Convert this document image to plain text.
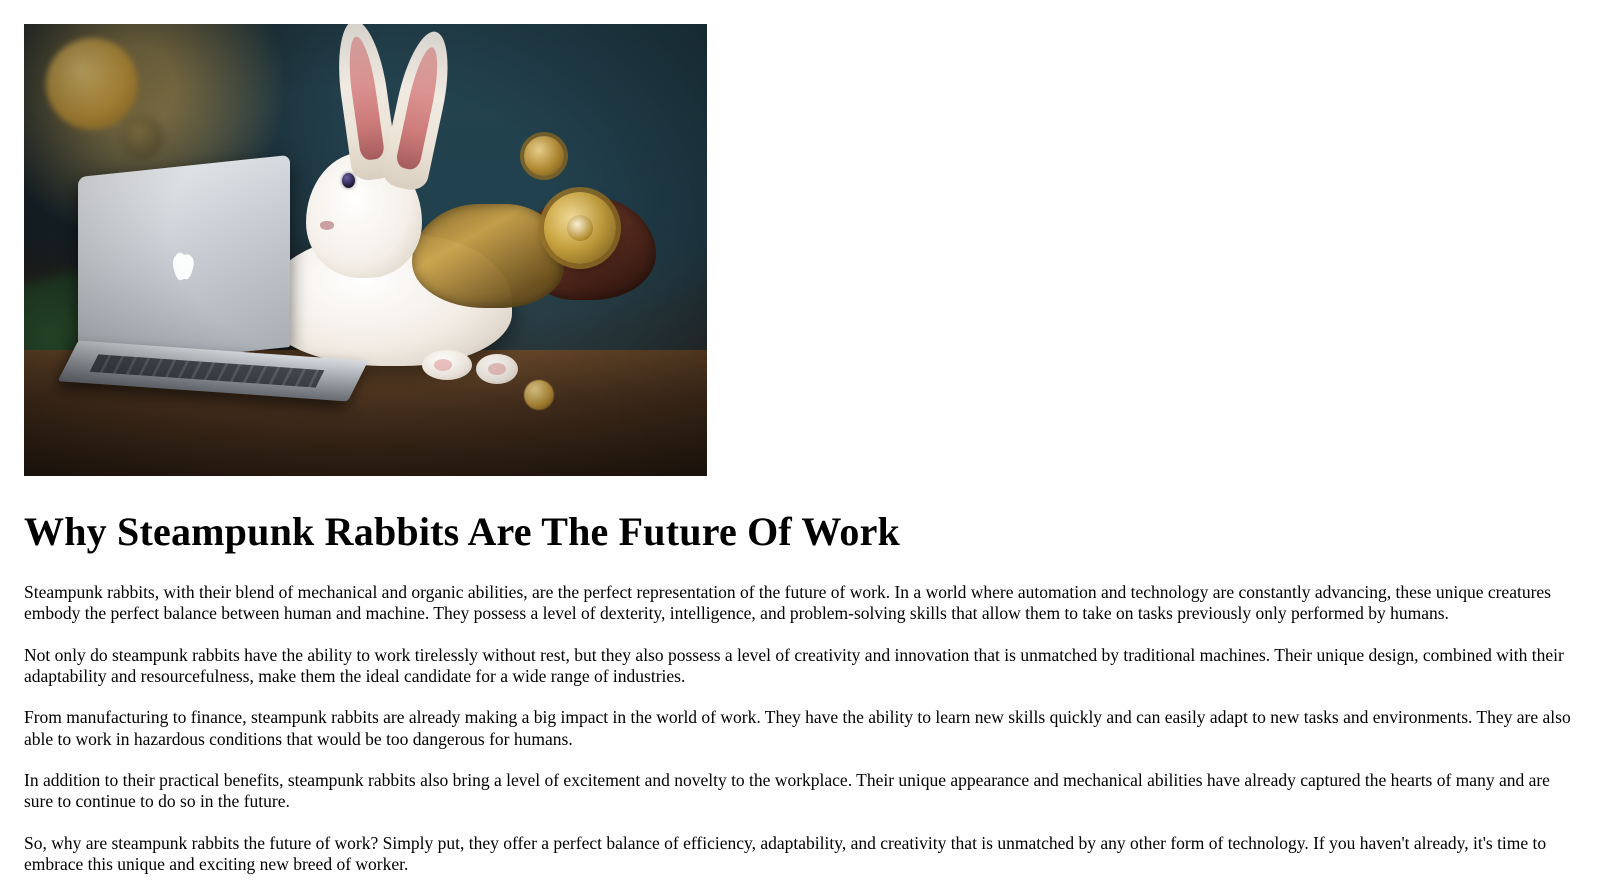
Why Steampunk Rabbits Are The Future Of Work

Steampunk rabbits, with their blend of mechanical and organic abilities, are the perfect representation of the future of work. In a world where automation and technology are constantly advancing, these unique creatures embody the perfect balance between human and machine. They possess a level of dexterity, intelligence, and problem-solving skills that allow them to take on tasks previously only performed by humans.

Not only do steampunk rabbits have the ability to work tirelessly without rest, but they also possess a level of creativity and innovation that is unmatched by traditional machines. Their unique design, combined with their adaptability and resourcefulness, make them the ideal candidate for a wide range of industries.

From manufacturing to finance, steampunk rabbits are already making a big impact in the world of work. They have the ability to learn new skills quickly and can easily adapt to new tasks and environments. They are also able to work in hazardous conditions that would be too dangerous for humans.

In addition to their practical benefits, steampunk rabbits also bring a level of excitement and novelty to the workplace. Their unique appearance and mechanical abilities have already captured the hearts of many and are sure to continue to do so in the future.

So, why are steampunk rabbits the future of work? Simply put, they offer a perfect balance of efficiency, adaptability, and creativity that is unmatched by any other form of technology. If you haven't already, it's time to embrace this unique and exciting new breed of worker.
